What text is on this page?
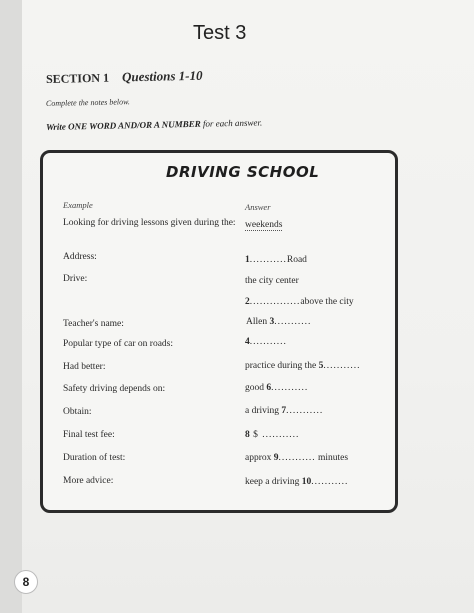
Test 3
SECTION 1 Questions 1-10
Complete the notes below.
Write ONE WORD AND/OR A NUMBER for each answer.
DRIVING SCHOOL
Example	Answer
Looking for driving lessons given during the: weekends
Address:	1...........Road
Drive:	the city center
2...............above the city
Teacher's name:	Allen 3...........
Popular type of car on roads:	4...........
Had better:	practice during the 5...........
Safety driving depends on:	good 6...........
Obtain:	a driving 7...........
Final test fee:	8 $ ...........
Duration of test:	approx 9........... minutes
More advice:	keep a driving 10...........
8
